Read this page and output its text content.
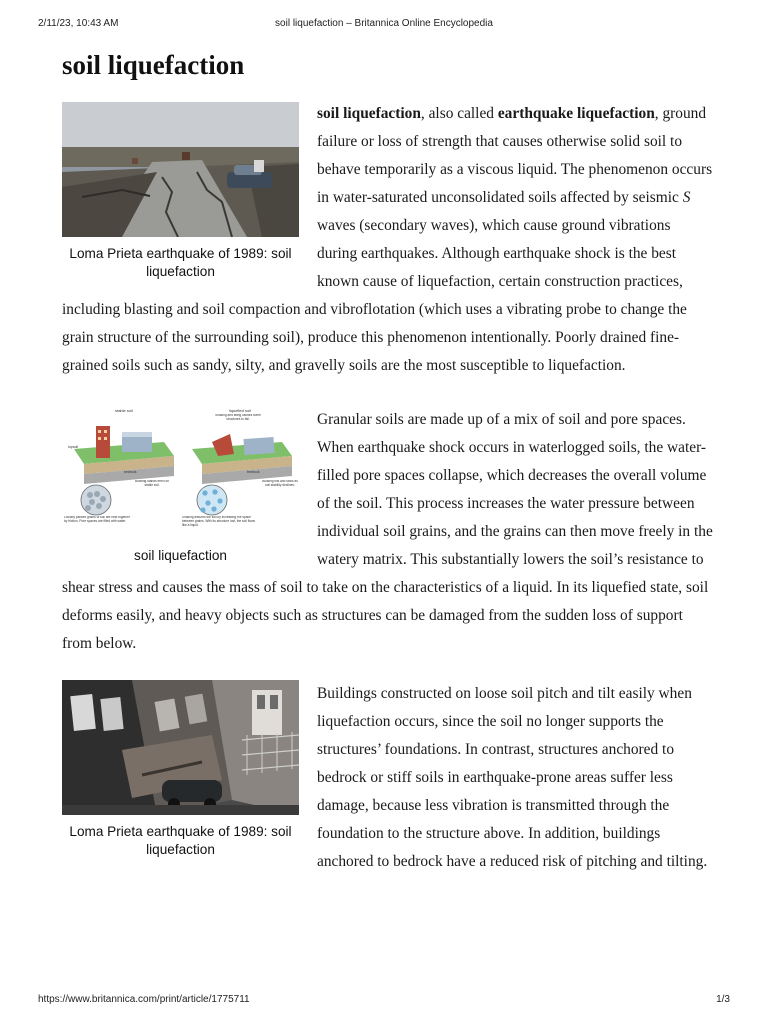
2/11/23, 10:43 AM	soil liquefaction – Britannica Online Encyclopedia
soil liquefaction
Loma Prieta earthquake of 1989: soil liquefaction

soil liquefaction, also called earthquake liquefaction, ground failure or loss of strength that causes otherwise solid soil to behave temporarily as a viscous liquid. The phenomenon occurs in water-saturated unconsolidated soils affected by seismic S waves (secondary waves), which cause ground vibrations during earthquakes. Although earthquake shock is the best known cause of liquefaction, certain construction practices, including blasting and soil compaction and vibroflotation (which uses a vibrating probe to change the grain structure of the surrounding soil), produce this phenomenon intentionally. Poorly drained fine-grained soils such as sandy, silty, and gravelly soils are the most susceptible to liquefaction.

stable soil	liquefied soil
Shaking and tilting causes some structures to fail.
topsoil
bedrock	bedrock
Building stands erect on stable soil.
Building tilts and sinks as soil stability declines.
Loosely packed grains of soil are held together by friction. Pore spaces are filled with water.
Shaking disturbs the soil by increasing the space between grains. With its structure lost, the soil flows like a liquid.
soil liquefaction

Granular soils are made up of a mix of soil and pore spaces. When earthquake shock occurs in waterlogged soils, the water-filled pore spaces collapse, which decreases the overall volume of the soil. This process increases the water pressure between individual soil grains, and the grains can then move freely in the watery matrix. This substantially lowers the soil’s resistance to shear stress and causes the mass of soil to take on the characteristics of a liquid. In its liquefied state, soil deforms easily, and heavy objects such as structures can be damaged from the sudden loss of support from below.

Loma Prieta earthquake of 1989: soil liquefaction

Buildings constructed on loose soil pitch and tilt easily when liquefaction occurs, since the soil no longer supports the structures’ foundations. In contrast, structures anchored to bedrock or stiff soils in earthquake-prone areas suffer less damage, because less vibration is transmitted through the foundation to the structure above. In addition, buildings anchored to bedrock have a reduced risk of pitching and tilting.

https://www.britannica.com/print/article/1775711	1/3
